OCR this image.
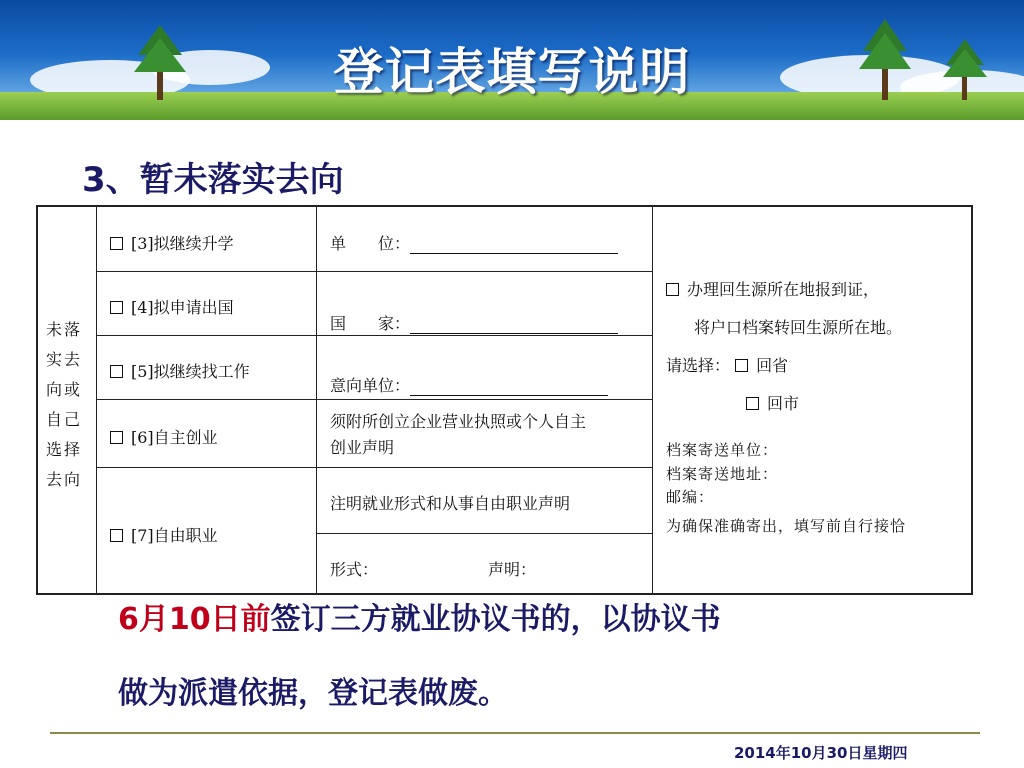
登记表填写说明
3、暂未落实去向
未落实去向或自己选择去向
[3]拟继续升学
[4]拟申请出国
[5]拟继续找工作
[6]自主创业
[7]自由职业
单　　位：
国　　家：
意向单位：
须附所创立企业营业执照或个人自主
创业声明
注明就业形式和从事自由职业声明
形式：	声明：
办理回生源所在地报到证，
将户口档案转回生源所在地。
请选择： 回省
回市
档案寄送单位：
档案寄送地址：
邮编：
为确保准确寄出，填写前自行接恰
6月10日前签订三方就业协议书的，以协议书
做为派遣依据，登记表做废。
2014年10月30日星期四
